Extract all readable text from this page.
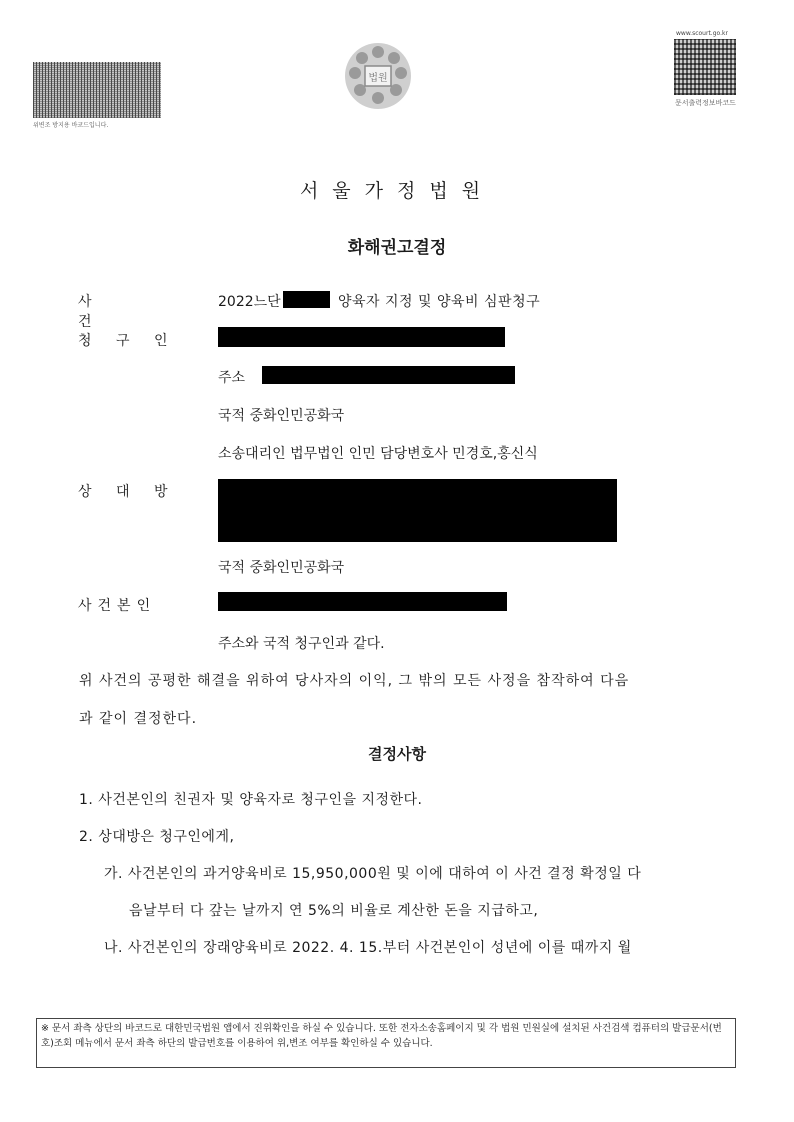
위변조 방지용 바코드입니다.
법원
www.scourt.go.kr
문서출력정보바코드
서울가정법원
화해권고결정
사 건
2022느단	양육자 지정 및 양육비 심판청구
청 구 인
주소
국적 중화인민공화국
소송대리인 법무법인 인민 담당변호사 민경호,홍신식
상 대 방
국적 중화인민공화국
사건본인
주소와 국적 청구인과 같다.
위 사건의 공평한 해결을 위하여 당사자의 이익, 그 밖의 모든 사정을 참작하여 다음
과 같이 결정한다.
결정사항
1. 사건본인의 친권자 및 양육자로 청구인을 지정한다.
2. 상대방은 청구인에게,
가. 사건본인의 과거양육비로 15,950,000원 및 이에 대하여 이 사건 결정 확정일 다
음날부터 다 갚는 날까지 연 5%의 비율로 계산한 돈을 지급하고,
나. 사건본인의 장래양육비로 2022. 4. 15.부터 사건본인이 성년에 이를 때까지 월
※ 문서 좌측 상단의 바코드로 대한민국법원 앱에서 진위확인을 하실 수 있습니다. 또한 전자소송홈페이지 및 각 법원 민원실에 설치된 사건검색 컴퓨터의 발급문서(번호)조회 메뉴에서 문서 좌측 하단의 발급번호를 이용하여 위,변조 여부를 확인하실 수 있습니다.
